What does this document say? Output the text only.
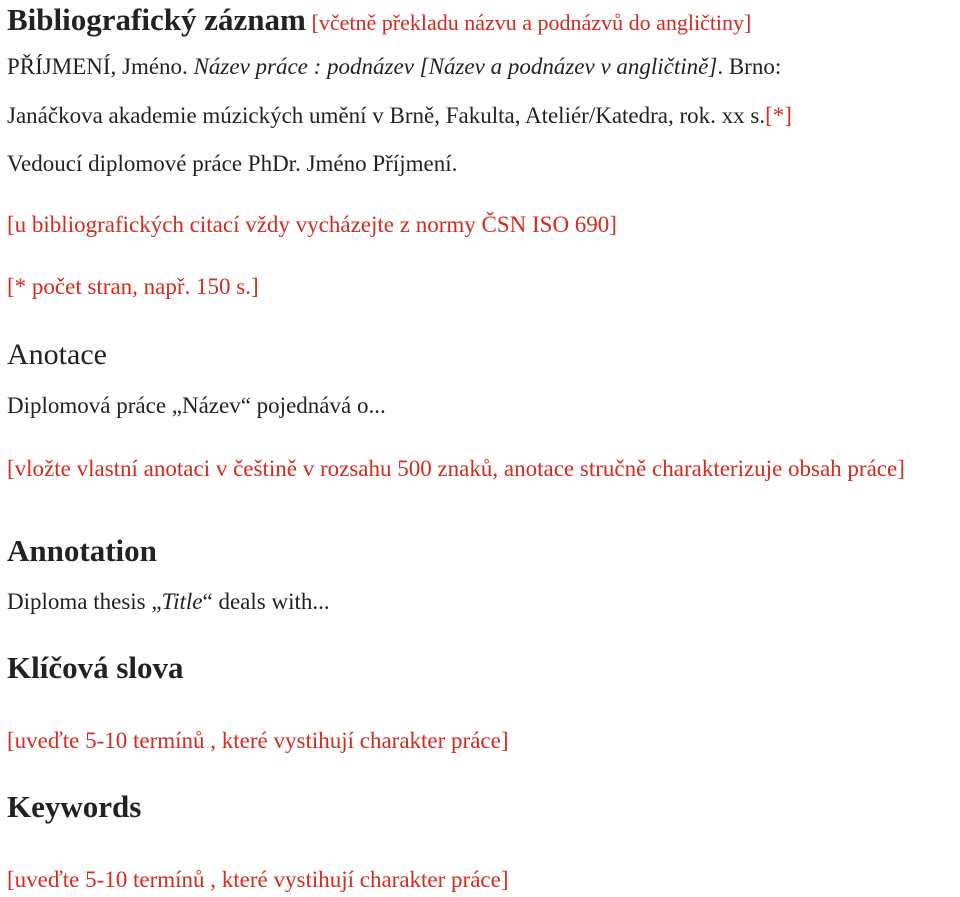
Bibliografický záznam [včetně překladu názvu a podnázvů do angličtiny]
PŘÍJMENÍ, Jméno. Název práce : podnázev [Název a podnázev v angličtině]. Brno:
Janáčkova akademie múzických umění v Brně, Fakulta, Ateliér/Katedra, rok. xx s.[*]
Vedoucí diplomové práce PhDr. Jméno Příjmení.
[u bibliografických citací vždy vycházejte z normy ČSN ISO 690]
[* počet stran, např. 150 s.]
Anotace
Diplomová práce „Název“ pojednává o...
[vložte vlastní anotaci v češtině v rozsahu 500 znaků, anotace stručně charakterizuje obsah práce]
Annotation
Diploma thesis „Title“ deals with...
Klíčová slova
[uveďte 5-10 termínů , které vystihují charakter práce]
Keywords
[uveďte 5-10 termínů , které vystihují charakter práce]
